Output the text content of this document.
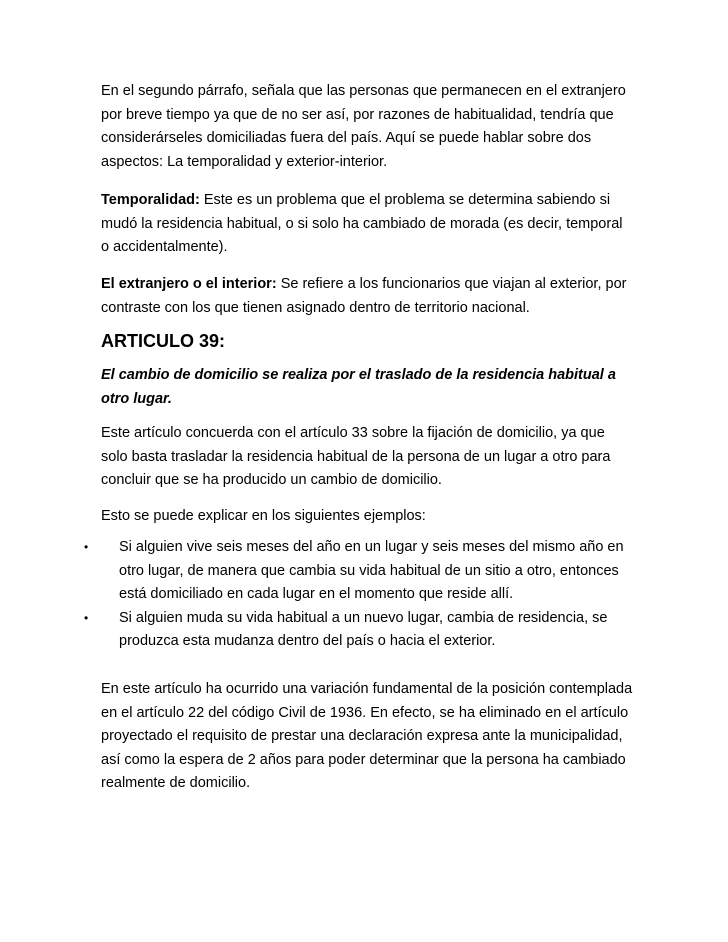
En el segundo párrafo, señala que las personas que permanecen en el extranjero
por breve tiempo ya que de no ser así, por razones de habitualidad, tendría que
considerárseles domiciliadas fuera del país. Aquí se puede hablar sobre dos
aspectos: La temporalidad y exterior-interior.
Temporalidad: Este es un problema que el problema se determina sabiendo si
mudó la residencia habitual, o si solo ha cambiado de morada (es decir, temporal
o accidentalmente).
El extranjero o el interior: Se refiere a los funcionarios que viajan al exterior, por
contraste con los que tienen asignado dentro de territorio nacional.
ARTICULO 39:
El cambio de domicilio se realiza por el traslado de la residencia habitual a
otro lugar.
Este artículo concuerda con el artículo 33 sobre la fijación de domicilio, ya que
solo basta trasladar la residencia habitual de la persona de un lugar a otro para
concluir que se ha producido un cambio de domicilio.
Esto se puede explicar en los siguientes ejemplos:
• Si alguien vive seis meses del año en un lugar y seis meses del mismo año en
otro lugar, de manera que cambia su vida habitual de un sitio a otro, entonces
está domiciliado en cada lugar en el momento que reside allí.
• Si alguien muda su vida habitual a un nuevo lugar, cambia de residencia, se
produzca esta mudanza dentro del país o hacia el exterior.
En este artículo ha ocurrido una variación fundamental de la posición contemplada
en el artículo 22 del código Civil de 1936. En efecto, se ha eliminado en el artículo
proyectado el requisito de prestar una declaración expresa ante la municipalidad,
así como la espera de 2 años para poder determinar que la persona ha cambiado
realmente de domicilio.
